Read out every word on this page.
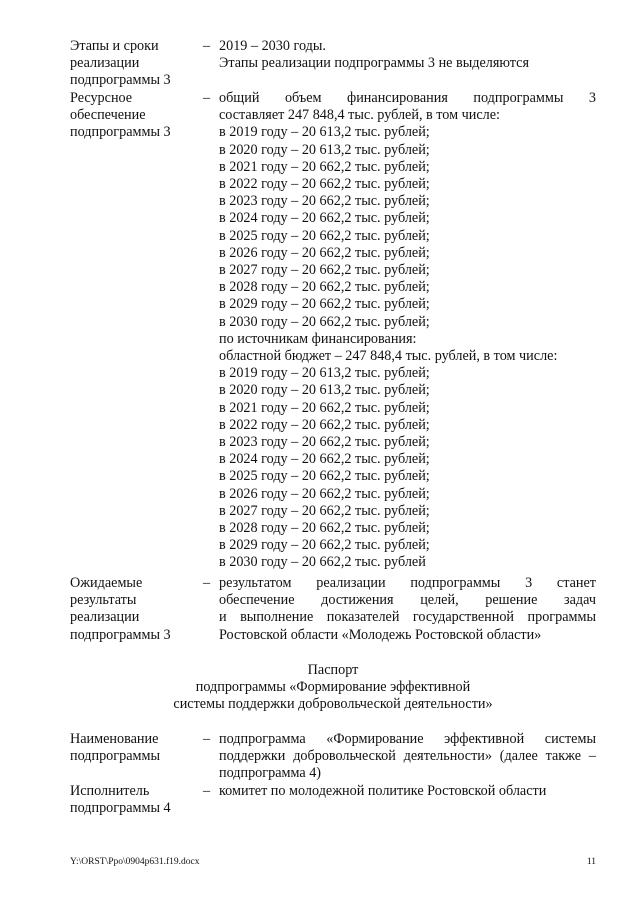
Этапы и сроки
реализации
подпрограммы 3
– 2019 – 2030 годы.
Этапы реализации подпрограммы 3 не выделяются
Ресурсное
обеспечение
подпрограммы 3
– общий объем финансирования подпрограммы 3
составляет 247 848,4 тыс. рублей, в том числе:
в 2019 году – 20 613,2 тыс. рублей;
в 2020 году – 20 613,2 тыс. рублей;
в 2021 году – 20 662,2 тыс. рублей;
в 2022 году – 20 662,2 тыс. рублей;
в 2023 году – 20 662,2 тыс. рублей;
в 2024 году – 20 662,2 тыс. рублей;
в 2025 году – 20 662,2 тыс. рублей;
в 2026 году – 20 662,2 тыс. рублей;
в 2027 году – 20 662,2 тыс. рублей;
в 2028 году – 20 662,2 тыс. рублей;
в 2029 году – 20 662,2 тыс. рублей;
в 2030 году – 20 662,2 тыс. рублей;
по источникам финансирования:
областной бюджет – 247 848,4 тыс. рублей, в том числе:
в 2019 году – 20 613,2 тыс. рублей;
в 2020 году – 20 613,2 тыс. рублей;
в 2021 году – 20 662,2 тыс. рублей;
в 2022 году – 20 662,2 тыс. рублей;
в 2023 году – 20 662,2 тыс. рублей;
в 2024 году – 20 662,2 тыс. рублей;
в 2025 году – 20 662,2 тыс. рублей;
в 2026 году – 20 662,2 тыс. рублей;
в 2027 году – 20 662,2 тыс. рублей;
в 2028 году – 20 662,2 тыс. рублей;
в 2029 году – 20 662,2 тыс. рублей;
в 2030 году – 20 662,2 тыс. рублей
Ожидаемые
результаты
реализации
подпрограммы 3
– результатом реализации подпрограммы 3 станет
обеспечение достижения целей, решение задач
и выполнение показателей государственной программы
Ростовской области «Молодежь Ростовской области»
Паспорт
подпрограммы «Формирование эффективной
системы поддержки добровольческой деятельности»
Наименование
подпрограммы
– подпрограмма «Формирование эффективной системы
поддержки добровольческой деятельности» (далее также –
подпрограмма 4)
Исполнитель
подпрограммы 4
– комитет по молодежной политике Ростовской области
Y:\ORST\Ppo\0904p631.f19.docx	11
